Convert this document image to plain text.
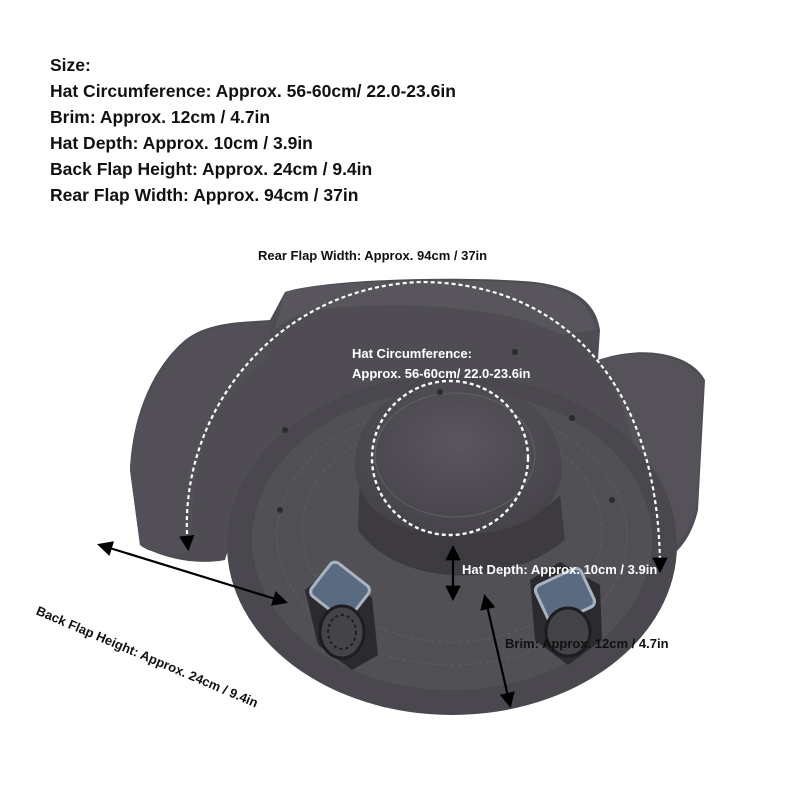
Size:
Hat Circumference: Approx. 56-60cm/ 22.0-23.6in
Brim: Approx. 12cm / 4.7in
Hat Depth: Approx. 10cm / 3.9in
Back Flap Height: Approx. 24cm / 9.4in
Rear Flap Width: Approx. 94cm / 37in
Rear Flap Width: Approx. 94cm / 37in
Hat Circumference:
Approx. 56-60cm/ 22.0-23.6in
Hat Depth: Approx. 10cm / 3.9in
Brim: Approx. 12cm / 4.7in
Back Flap Height: Approx. 24cm / 9.4in
